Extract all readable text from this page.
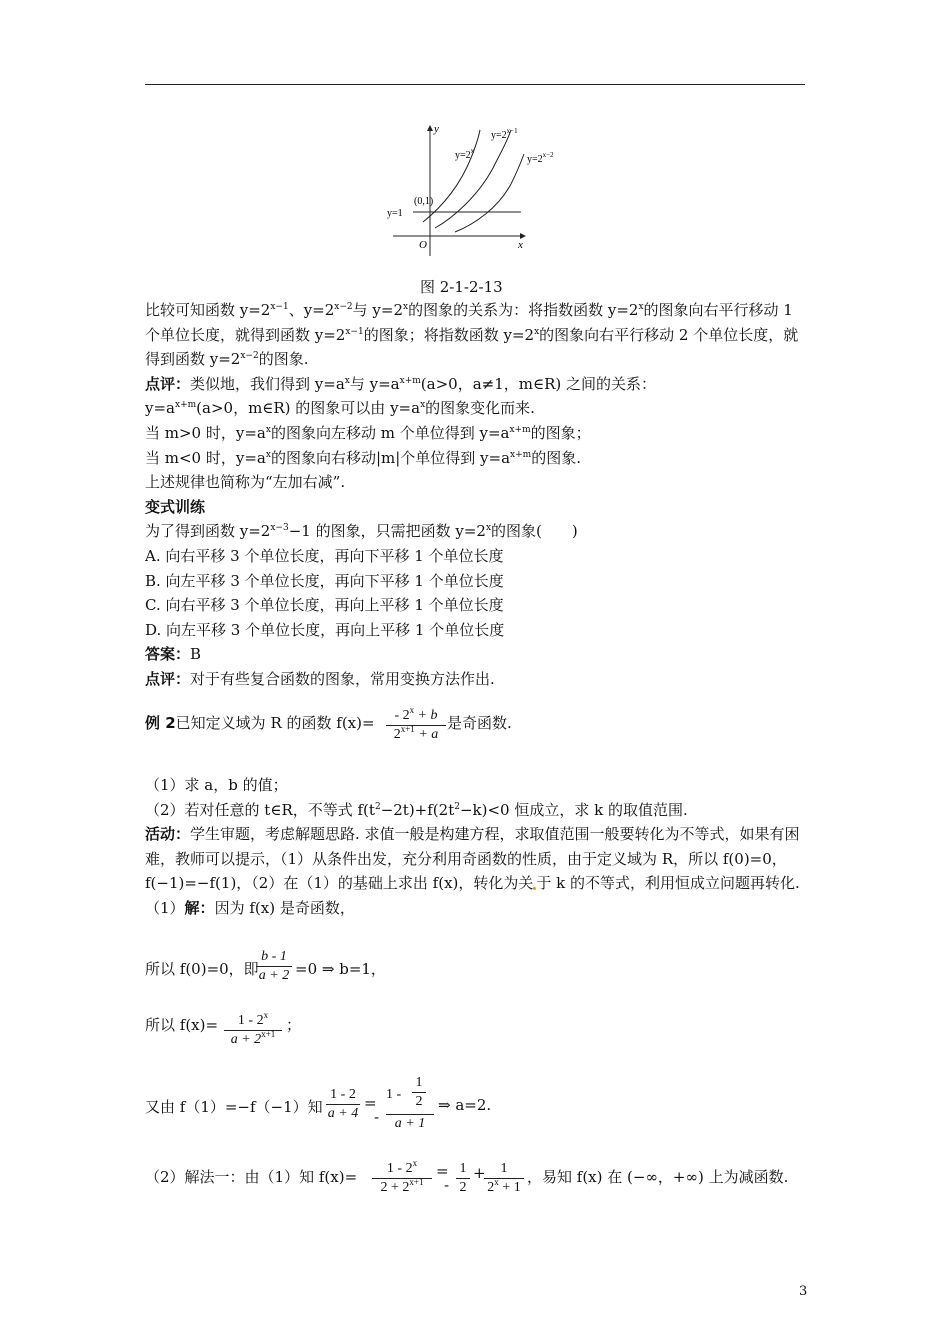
y
x
O
(0,1)
y=1
$y=2^x$
$y=2^{x-1}$
$y=2^{x-2}$
图 2-1-2-13

比较可知函数 $y=2^{x-1}$、$y=2^{x-2}$与 $y=2^x$的图象的关系为：将指数函数 $y=2^x$的图象向右平行移动 1 个单位长度，就得到函数 $y=2^{x-1}$的图象；将指数函数 $y=2^x$的图象向右平行移动 2 个单位长度，就得到函数 $y=2^{x-2}$的图象.

点评：类似地，我们得到 $y=a^x$与 $y=a^{x+m}(a>0$，a≠1，m∈R) 之间的关系：

$y=a^{x+m}(a>0$，m∈R) 的图象可以由 $y=a^x$的图象变化而来.

当 m>0 时，$y=a^x$的图象向左移动 m 个单位得到 $y=a^{x+m}$的图象；

当 m<0 时，$y=a^x$的图象向右移动|m|个单位得到 $y=a^{x+m}$的图象.

上述规律也简称为“左加右减”.

变式训练

为了得到函数 $y=2^{x-3}-1$ 的图象，只需把函数 $y=2^x$的图象(　　)

A. 向右平移 3 个单位长度，再向下平移 1 个单位长度

B. 向左平移 3 个单位长度，再向下平移 1 个单位长度

C. 向右平移 3 个单位长度，再向上平移 1 个单位长度

D. 向左平移 3 个单位长度，再向上平移 1 个单位长度

答案：B

点评：对于有些复合函数的图象，常用变换方法作出.

例 2已知定义域为 R 的函数 f(x)=	- $2^x + b$
$2^{x+1} + a$
是奇函数.

（1）求 a，b 的值；

（2）若对任意的 t∈R，不等式 $f(t^2-2t)+f(2t^2-k)<0$ 恒成立，求 k 的取值范围.

活动：学生审题，考虑解题思路. 求值一般是构建方程，求取值范围一般要转化为不等式，如果有困难，教师可以提示，（1）从条件出发，充分利用奇函数的性质，由于定义域为 R，所以 f(0)=0，f(−1)=−f(1)，（2）在（1）的基础上求出 f(x)，转化为关 于 k 的不等式，利用恒成立问题再转化.

（1）解：因为 f(x) 是奇函数，

所以 f(0)=0，即
b - 1
a + 2 =0 ⇒ b=1，
所以 f(x)=	1 - 2$^x$
$a + 2^{x+1}$ ；
又由 f（1）=−f（−1）知
1 - 2
a + 4
=
-
1 -
1
2
a + 1
⇒ a=2.
（2）解法一：由（1）知 f(x)=	1 - 2$^x$
$2 + 2^{x+1}$
=
-
1
2
+	1
$2^x + 1$
，易知 f(x) 在 (−∞，+∞) 上为减函数.
3
